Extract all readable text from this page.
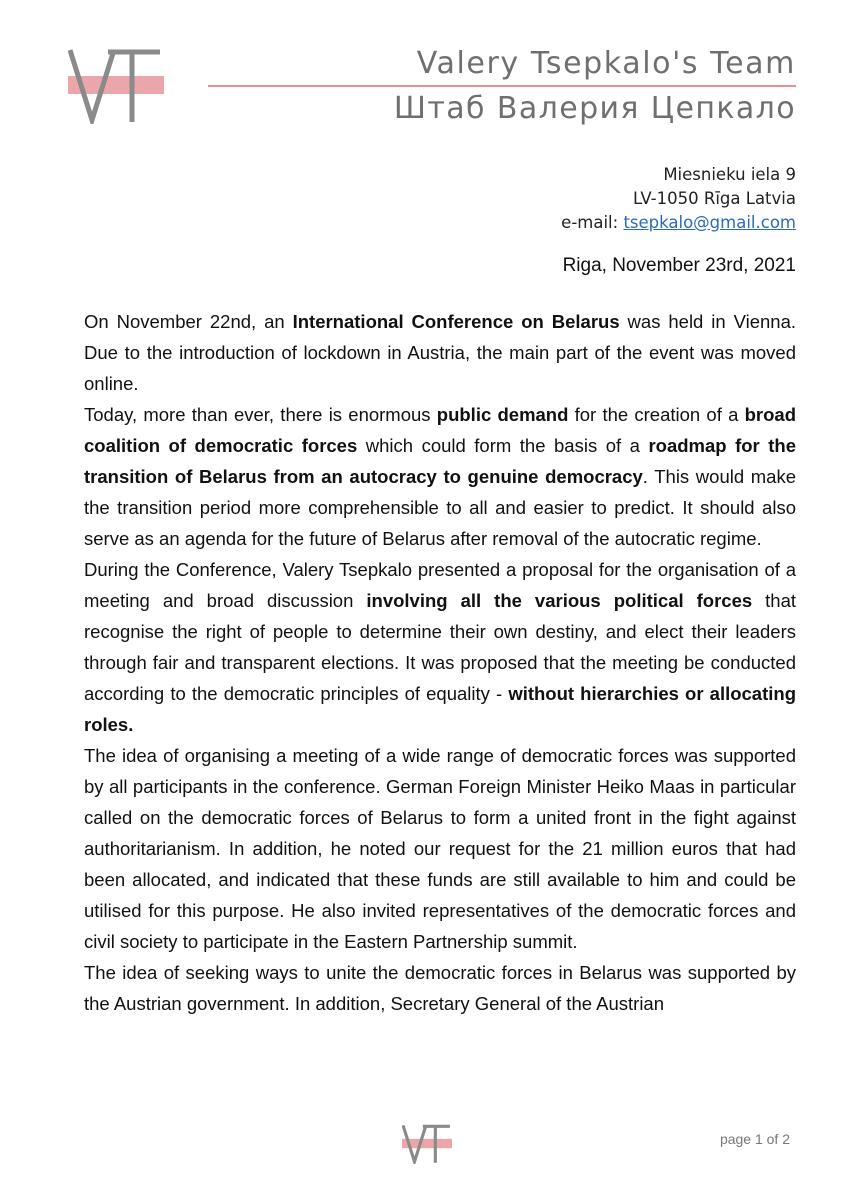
Valery Tsepkalo's Team
Штаб Валерия Цепкало
Miesnieku iela 9
LV-1050 Rīga Latvia
e-mail: tsepkalo@gmail.com
Riga, November 23rd, 2021

On November 22nd, an International Conference on Belarus was held in Vienna. Due to the introduction of lockdown in Austria, the main part of the event was moved online.

Today, more than ever, there is enormous public demand for the creation of a broad coalition of democratic forces which could form the basis of a roadmap for the transition of Belarus from an autocracy to genuine democracy. This would make the transition period more comprehensible to all and easier to predict. It should also serve as an agenda for the future of Belarus after removal of the autocratic regime.

During the Conference, Valery Tsepkalo presented a proposal for the organisation of a meeting and broad discussion involving all the various political forces that recognise the right of people to determine their own destiny, and elect their leaders through fair and transparent elections. It was proposed that the meeting be conducted according to the democratic principles of equality - without hierarchies or allocating roles.

The idea of organising a meeting of a wide range of democratic forces was supported by all participants in the conference. German Foreign Minister Heiko Maas in particular called on the democratic forces of Belarus to form a united front in the fight against authoritarianism. In addition, he noted our request for the 21 million euros that had been allocated, and indicated that these funds are still available to him and could be utilised for this purpose. He also invited representatives of the democratic forces and civil society to participate in the Eastern Partnership summit.

The idea of seeking ways to unite the democratic forces in Belarus was supported by the Austrian government. In addition, Secretary General of the Austrian

page 1 of 2
